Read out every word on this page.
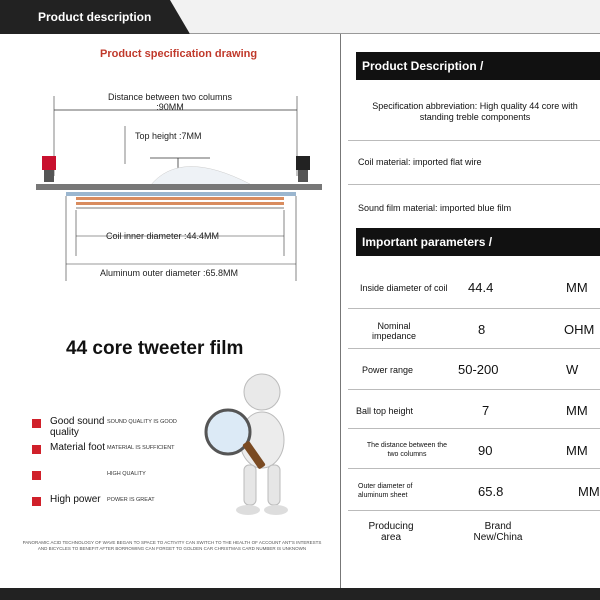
Product description
Product specification drawing
Distance between two columns :90MM
Top height :7MM
Coil inner diameter :44.4MM
Aluminum outer diameter :65.8MM
44 core tweeter film
Good sound quality
SOUND QUALITY IS GOOD
Material foot MATERIAL IS SUFFICIENT
HIGH QUALITY
High power	POWER IS GREAT
PANORAMIC ACID TECHNOLOGY OF WAVE BEGAN TO SPACE TO ACTIVITY CAN SWITCH TO THE HEALTH OF ACCOUNT ANT'S INTERESTS AND BICYCLES TO BENEFIT AFTER BORROWING CAN FORGET TO GOLDEN CAR CHRISTMAS CARD NUMBER IS UNKNOWN
Product Description /
Specification abbreviation: High quality 44 core with standing treble components
Coil material: imported flat wire
Sound film material: imported blue film
Important parameters /
Inside diameter of coil 44.4	MM
Nominal impedance	8	OHM
Power range	50-200	W
Ball top height	7	MM
The distance between the two columns	90	MM
Outer diameter of aluminum sheet	65.8	MM
Producing area
Brand New/China
